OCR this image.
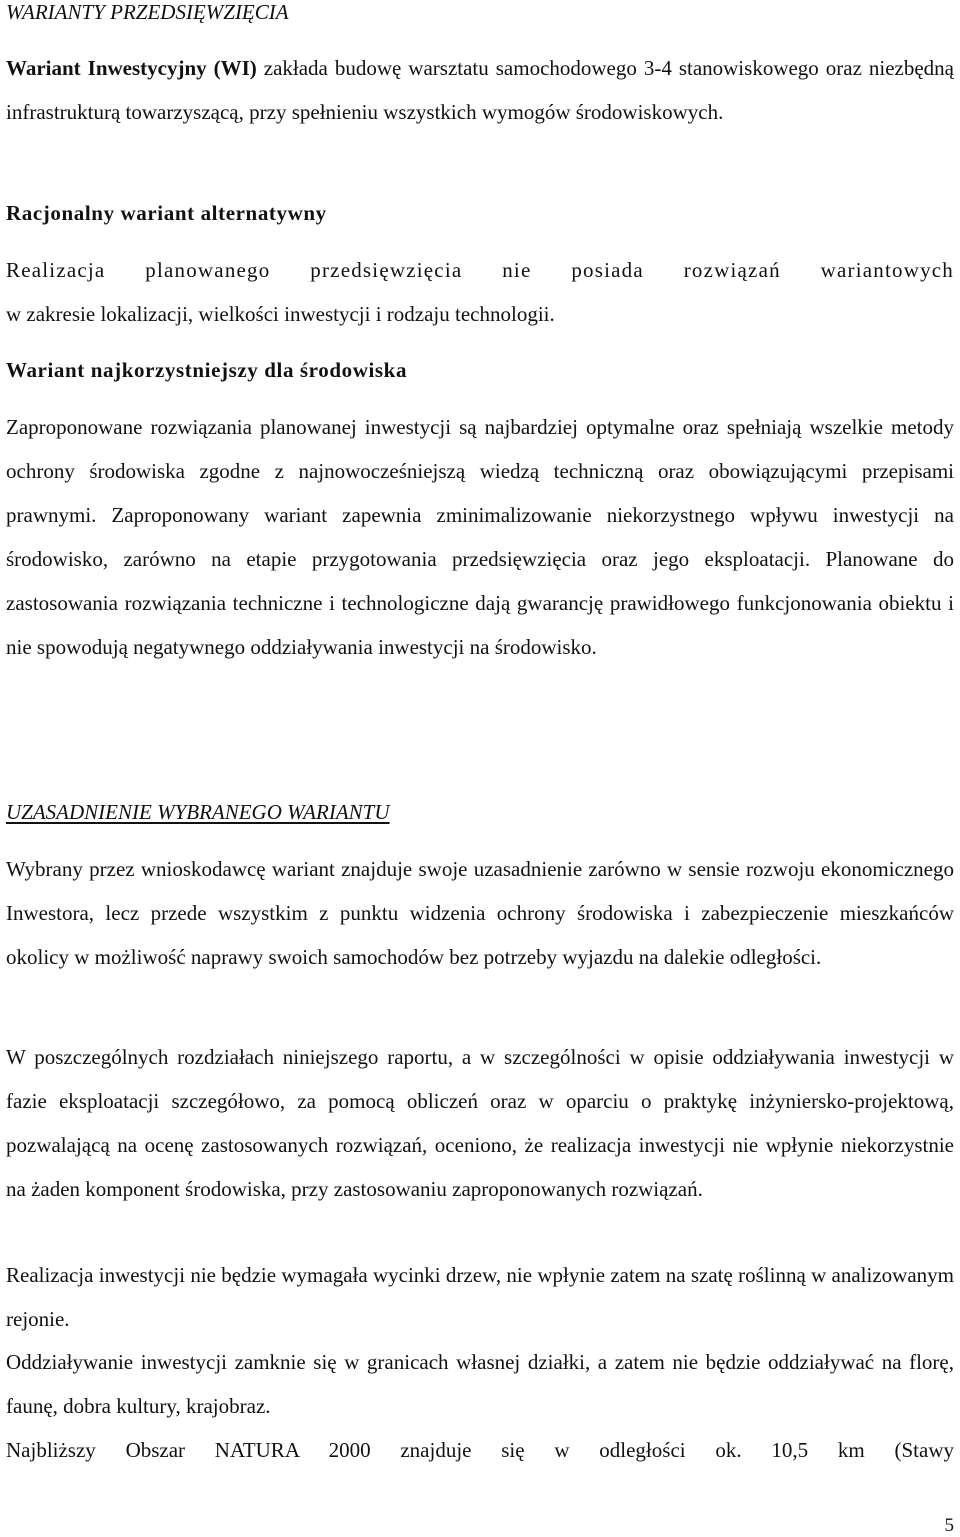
WARIANTY PRZEDSIĘWZIĘCIA
Wariant Inwestycyjny (WI) zakłada budowę warsztatu samochodowego 3-4 stanowiskowego oraz niezbędną infrastrukturą towarzyszącą, przy spełnieniu wszystkich wymogów środowiskowych.
Racjonalny wariant alternatywny
Realizacja planowanego przedsięwzięcia nie posiada rozwiązań wariantowych
w zakresie lokalizacji, wielkości inwestycji i rodzaju technologii.
Wariant najkorzystniejszy dla środowiska
Zaproponowane rozwiązania planowanej inwestycji są najbardziej optymalne oraz spełniają wszelkie metody ochrony środowiska zgodne z najnowocześniejszą wiedzą techniczną oraz obowiązującymi przepisami prawnymi. Zaproponowany wariant zapewnia zminimalizowanie niekorzystnego wpływu inwestycji na środowisko, zarówno na etapie przygotowania przedsięwzięcia oraz jego eksploatacji. Planowane do zastosowania rozwiązania techniczne i technologiczne dają gwarancję prawidłowego funkcjonowania obiektu i nie spowodują negatywnego oddziaływania inwestycji na środowisko.
UZASADNIENIE WYBRANEGO WARIANTU
Wybrany przez wnioskodawcę wariant znajduje swoje uzasadnienie zarówno w sensie rozwoju ekonomicznego Inwestora, lecz przede wszystkim z punktu widzenia ochrony środowiska i zabezpieczenie mieszkańców okolicy w możliwość naprawy swoich samochodów bez potrzeby wyjazdu na dalekie odległości.
W poszczególnych rozdziałach niniejszego raportu, a w szczególności w opisie oddziaływania inwestycji w fazie eksploatacji szczegółowo, za pomocą obliczeń oraz w oparciu o praktykę inżyniersko-projektową, pozwalającą na ocenę zastosowanych rozwiązań, oceniono, że realizacja inwestycji nie wpłynie niekorzystnie na żaden komponent środowiska, przy zastosowaniu zaproponowanych rozwiązań.
Realizacja inwestycji nie będzie wymagała wycinki drzew, nie wpłynie zatem na szatę roślinną w analizowanym rejonie.
Oddziaływanie inwestycji zamknie się w granicach własnej działki, a zatem nie będzie oddziaływać na florę, faunę, dobra kultury, krajobraz.
Najbliższy Obszar NATURA 2000 znajduje się w odległości ok. 10,5 km (Stawy
5
